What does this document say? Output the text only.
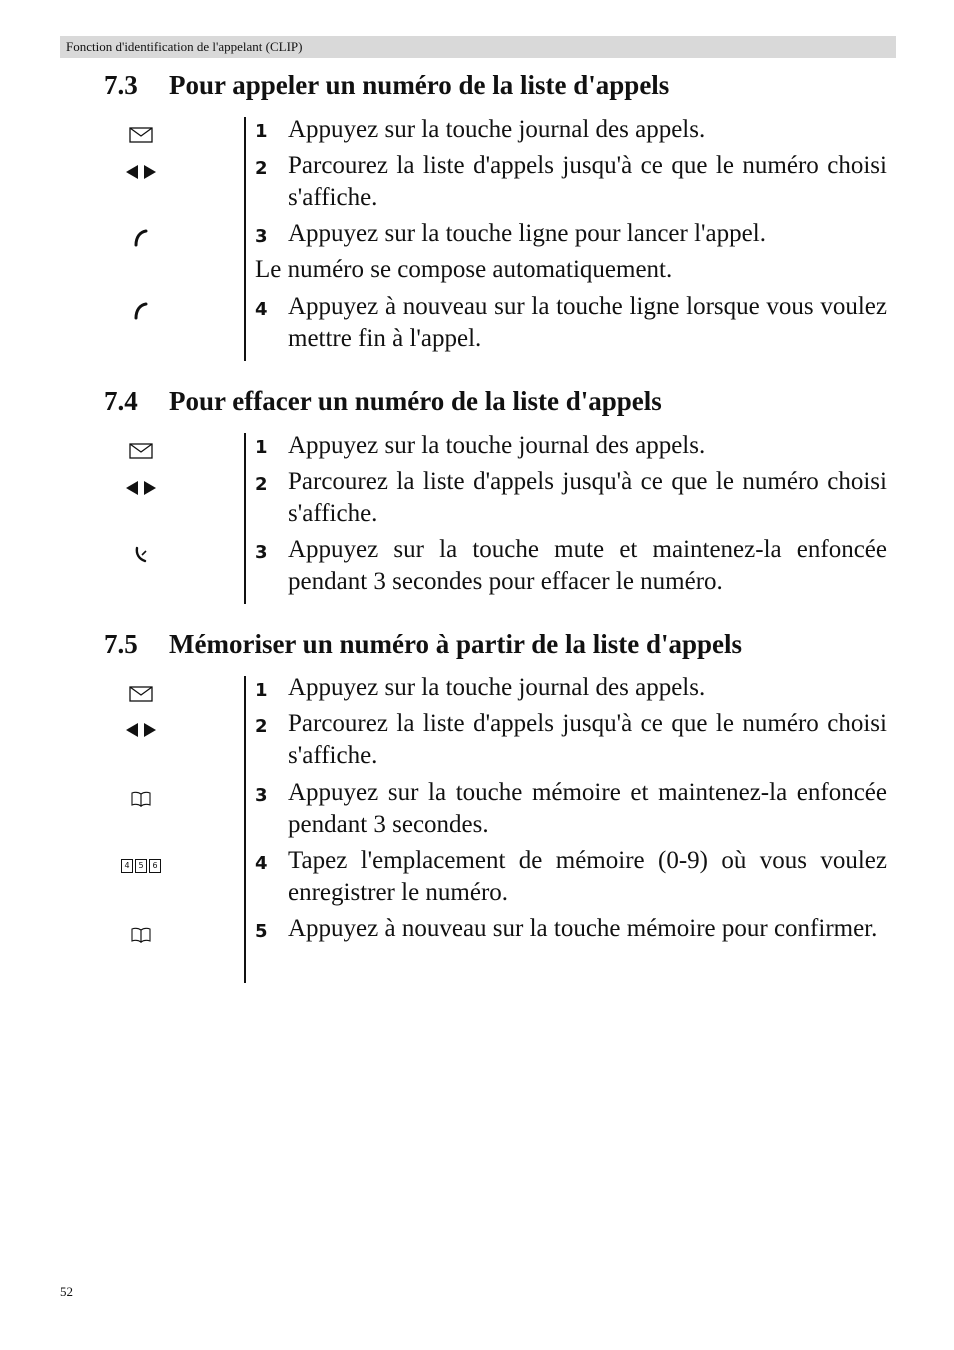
Fonction d'identification de l'appelant (CLIP)
7.3 Pour appeler un numéro de la liste d'appels
1 Appuyez sur la touche journal des appels.
2 Parcourez la liste d'appels jusqu'à ce que le numéro choisi s'affiche.
3 Appuyez sur la touche ligne pour lancer l'appel.
Le numéro se compose automatiquement.
4 Appuyez à nouveau sur la touche ligne lorsque vous voulez mettre fin à l'appel.
7.4 Pour effacer un numéro de la liste d'appels
1 Appuyez sur la touche journal des appels.
2 Parcourez la liste d'appels jusqu'à ce que le numéro choisi s'affiche.
3 Appuyez sur la touche mute et maintenez-la enfoncée pendant 3 secondes pour effacer le numéro.
7.5 Mémoriser un numéro à partir de la liste d'appels
1 Appuyez sur la touche journal des appels.
2 Parcourez la liste d'appels jusqu'à ce que le numéro choisi s'affiche.
3 Appuyez sur la touche mémoire et maintenez-la enfoncée pendant 3 secondes.
4	5	6	4 Tapez l'emplacement de mémoire (0-9) où vous voulez enregistrer le numéro.
5 Appuyez à nouveau sur la touche mémoire pour confirmer.
52
